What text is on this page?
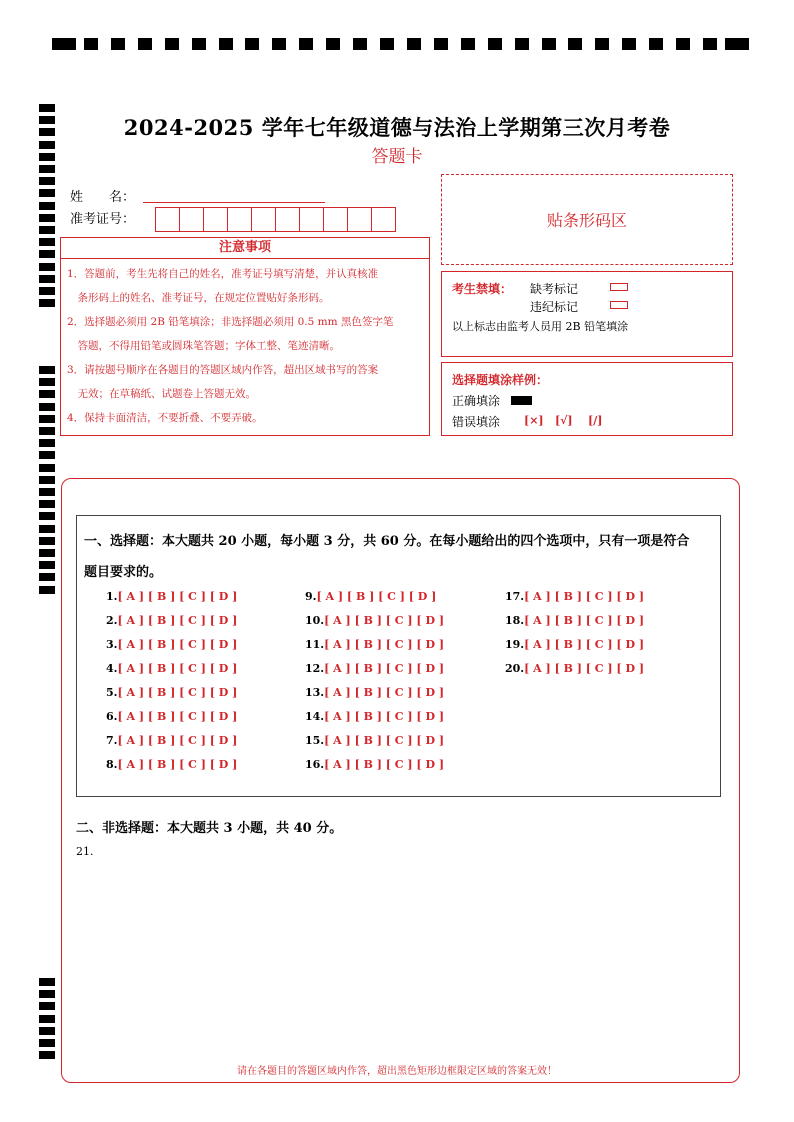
2024-2025 学年七年级道德与法治上学期第三次月考卷
答题卡
姓　　名：
准考证号：	贴条形码区
注意事项
1．答题前，考生先将自己的姓名，准考证号填写清楚，并认真核准
　条形码上的姓名、准考证号，在规定位置贴好条形码。
2．选择题必须用 2B 铅笔填涂；非选择题必须用 0.5 mm 黑色签字笔
　答题，不得用铅笔或圆珠笔答题；字体工整、笔迹清晰。
3．请按题号顺序在各题目的答题区域内作答，超出区域书写的答案
　无效；在草稿纸、试题卷上答题无效。
4．保持卡面清洁，不要折叠、不要弄破。
考生禁填： 缺考标记
违纪标记
以上标志由监考人员用 2B 铅笔填涂
选择题填涂样例：
正确填涂
错误填涂 [×] [√] [/]
一、选择题：本大题共 20 小题，每小题 3 分，共 60 分。在每小题给出的四个选项中，只有一项是符合
题目要求的。
1.[ A ] [ B ] [ C ] [ D ]
2.[ A ] [ B ] [ C ] [ D ]
3.[ A ] [ B ] [ C ] [ D ]
4.[ A ] [ B ] [ C ] [ D ]
5.[ A ] [ B ] [ C ] [ D ]
6.[ A ] [ B ] [ C ] [ D ]
7.[ A ] [ B ] [ C ] [ D ]
8.[ A ] [ B ] [ C ] [ D ]
9.[ A ] [ B ] [ C ] [ D ]
10.[ A ] [ B ] [ C ] [ D ]
11.[ A ] [ B ] [ C ] [ D ]
12.[ A ] [ B ] [ C ] [ D ]
13.[ A ] [ B ] [ C ] [ D ]
14.[ A ] [ B ] [ C ] [ D ]
15.[ A ] [ B ] [ C ] [ D ]
16.[ A ] [ B ] [ C ] [ D ]
17.[ A ] [ B ] [ C ] [ D ]
18.[ A ] [ B ] [ C ] [ D ]
19.[ A ] [ B ] [ C ] [ D ]
20.[ A ] [ B ] [ C ] [ D ]
二、非选择题：本大题共 3 小题，共 40 分。
21.
请在各题目的答题区域内作答，超出黑色矩形边框限定区域的答案无效！
